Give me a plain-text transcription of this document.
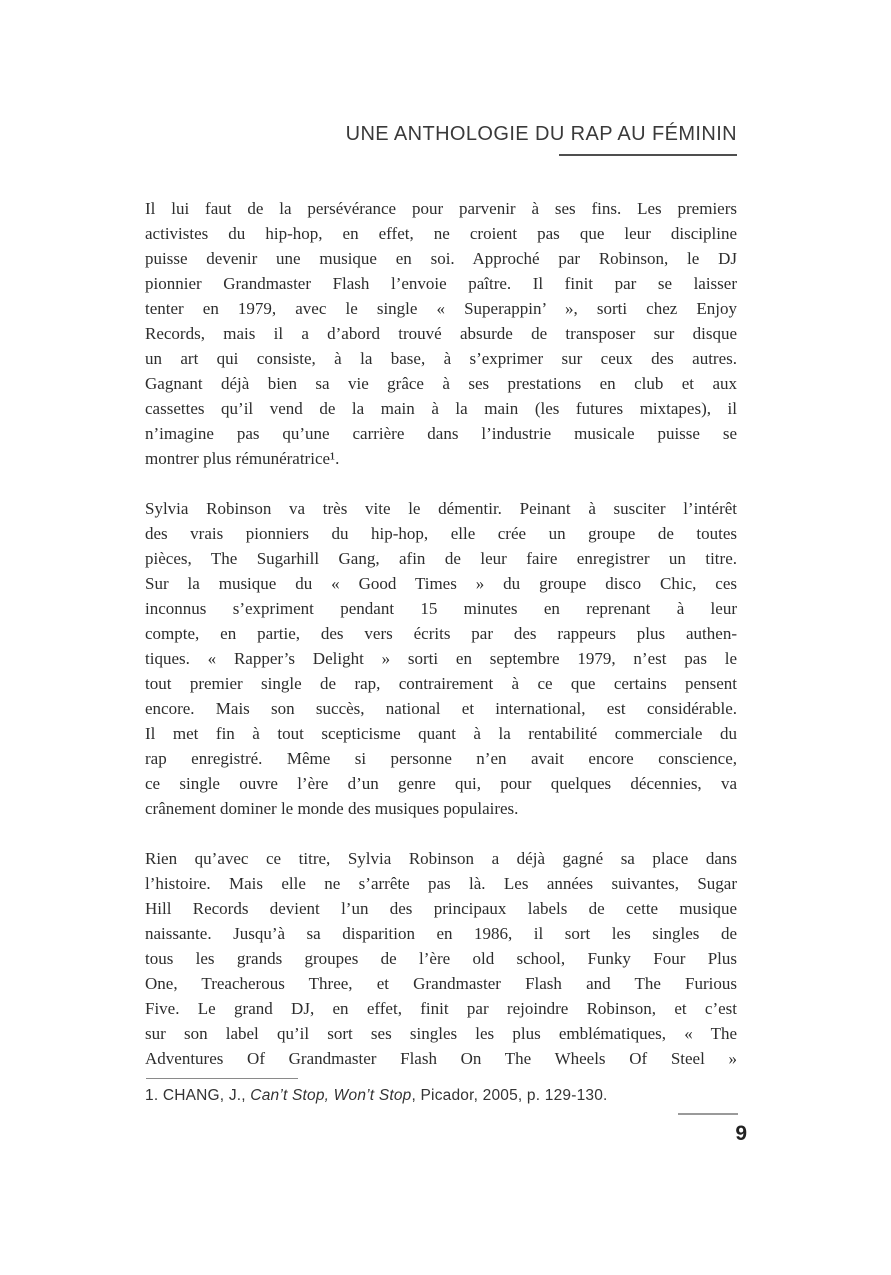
UNE ANTHOLOGIE DU RAP AU FÉMININ
Il lui faut de la persévérance pour parvenir à ses fins. Les premiers
activistes du hip-hop, en effet, ne croient pas que leur discipline
puisse devenir une musique en soi. Approché par Robinson, le DJ
pionnier Grandmaster Flash l’envoie paître. Il finit par se laisser
tenter en 1979, avec le single « Superappin’ », sorti chez Enjoy
Records, mais il a d’abord trouvé absurde de transposer sur disque
un art qui consiste, à la base, à s’exprimer sur ceux des autres.
Gagnant déjà bien sa vie grâce à ses prestations en club et aux
cassettes qu’il vend de la main à la main (les futures mixtapes), il
n’imagine pas qu’une carrière dans l’industrie musicale puisse se
montrer plus rémunératrice¹.
Sylvia Robinson va très vite le démentir. Peinant à susciter l’intérêt
des vrais pionniers du hip-hop, elle crée un groupe de toutes
pièces, The Sugarhill Gang, afin de leur faire enregistrer un titre.
Sur la musique du « Good Times » du groupe disco Chic, ces
inconnus s’expriment pendant 15 minutes en reprenant à leur
compte, en partie, des vers écrits par des rappeurs plus authen-
tiques. « Rapper’s Delight » sorti en septembre 1979, n’est pas le
tout premier single de rap, contrairement à ce que certains pensent
encore. Mais son succès, national et international, est considérable.
Il met fin à tout scepticisme quant à la rentabilité commerciale du
rap enregistré. Même si personne n’en avait encore conscience,
ce single ouvre l’ère d’un genre qui, pour quelques décennies, va
crânement dominer le monde des musiques populaires.
Rien qu’avec ce titre, Sylvia Robinson a déjà gagné sa place dans
l’histoire. Mais elle ne s’arrête pas là. Les années suivantes, Sugar
Hill Records devient l’un des principaux labels de cette musique
naissante. Jusqu’à sa disparition en 1986, il sort les singles de
tous les grands groupes de l’ère old school, Funky Four Plus
One, Treacherous Three, et Grandmaster Flash and The Furious
Five. Le grand DJ, en effet, finit par rejoindre Robinson, et c’est
sur son label qu’il sort ses singles les plus emblématiques, « The
Adventures Of Grandmaster Flash On The Wheels Of Steel »
1. CHANG, J., Can’t Stop, Won’t Stop, Picador, 2005, p. 129-130.
9
